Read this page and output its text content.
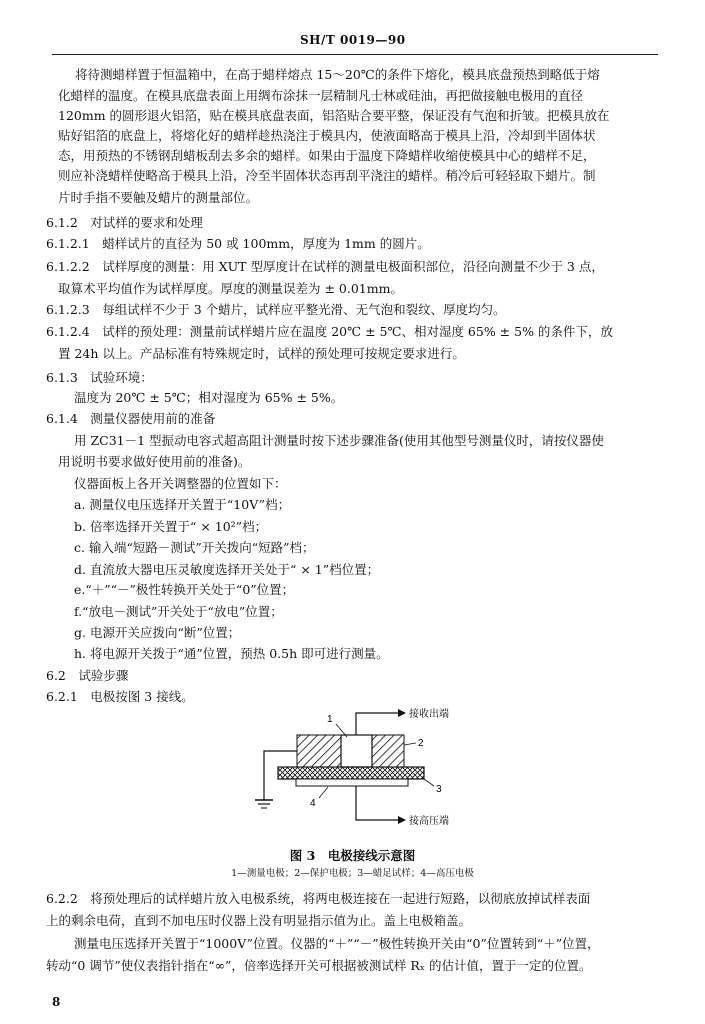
SH/T 0019—90
将待测蜡样置于恒温箱中，在高于蜡样熔点 15～20℃的条件下熔化，模具底盘预热到略低于熔
化蜡样的温度。在模具底盘表面上用绸布涂抹一层精制凡士林或硅油，再把做接触电极用的直径
120mm 的圆形退火铝箔，贴在模具底盘表面，铝箔贴合要平整，保证没有气泡和折皱。把模具放在
贴好铝箔的底盘上，将熔化好的蜡样趁热浇注于模具内，使液面略高于模具上沿，冷却到半固体状
态，用预热的不锈钢刮蜡板刮去多余的蜡样。如果由于温度下降蜡样收缩使模具中心的蜡样不足，
则应补浇蜡样使略高于模具上沿，冷至半固体状态再刮平浇注的蜡样。稍冷后可轻轻取下蜡片。制
片时手指不要触及蜡片的测量部位。
6.1.2　对试样的要求和处理
6.1.2.1　蜡样试片的直径为 50 或 100mm，厚度为 1mm 的圆片。
6.1.2.2　试样厚度的测量：用 XUT 型厚度计在试样的测量电极面积部位，沿径向测量不少于 3 点，
取算术平均值作为试样厚度。厚度的测量误差为 ± 0.01mm。
6.1.2.3　每组试样不少于 3 个蜡片，试样应平整光滑、无气泡和裂纹、厚度均匀。
6.1.2.4　试样的预处理：测量前试样蜡片应在温度 20℃ ± 5℃、相对湿度 65% ± 5% 的条件下，放
置 24h 以上。产品标准有特殊规定时，试样的预处理可按规定要求进行。
6.1.3　试验环境：
温度为 20℃ ± 5℃；相对湿度为 65% ± 5%。
6.1.4　测量仪器使用前的准备
用 ZC31－1 型振动电容式超高阻计测量时按下述步骤准备(使用其他型号测量仪时，请按仪器使
用说明书要求做好使用前的准备)。
仪器面板上各开关调整器的位置如下：
a. 测量仪电压选择开关置于“10V”档；
b. 倍率选择开关置于“ × 10²”档；
c. 输入端“短路－测试”开关拨向“短路”档；
d. 直流放大器电压灵敏度选择开关处于“ × 1”档位置；
e.“＋”“－”极性转换开关处于“0”位置；
f.“放电－测试”开关处于“放电”位置；
g. 电源开关应拨向“断”位置；
h. 将电源开关拨于“通”位置，预热 0.5h 即可进行测量。
6.2　试验步骤
6.2.1　电极按图 3 接线。
1
2
3
4
接收出端
接高压端
图 3　电极接线示意图
1—测量电极；2—保护电极；3—蜡足试样；4—高压电极
6.2.2　将预处理后的试样蜡片放入电极系统，将两电极连接在一起进行短路，以彻底放掉试样表面
上的剩余电荷，直到不加电压时仪器上没有明显指示值为止。盖上电极箱盖。
测量电压选择开关置于“1000V”位置。仪器的“＋”“－”极性转换开关由“0”位置转到“＋”位置，
转动“0 调节”使仪表指针指在“∞”，倍率选择开关可根据被测试样 Rₓ 的估计值，置于一定的位置。
8
